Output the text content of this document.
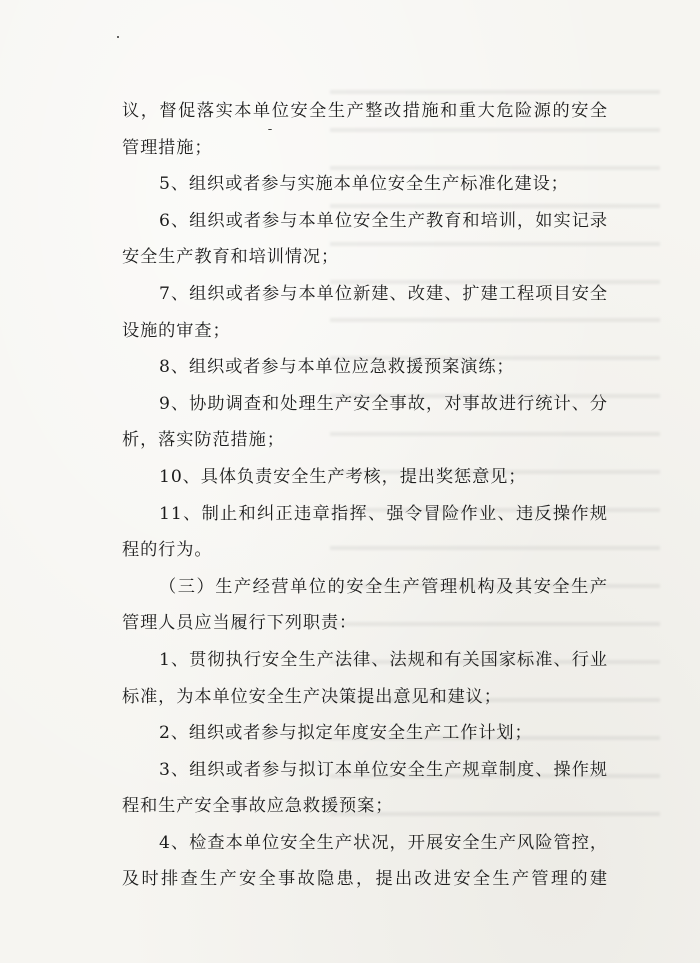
议，督促落实本单位安全生产整改措施和重大危险源的安全
管理措施；
5、组织或者参与实施本单位安全生产标准化建设；
6、组织或者参与本单位安全生产教育和培训，如实记录
安全生产教育和培训情况；
7、组织或者参与本单位新建、改建、扩建工程项目安全
设施的审查；
8、组织或者参与本单位应急救援预案演练；
9、协助调查和处理生产安全事故，对事故进行统计、分
析，落实防范措施；
10、具体负责安全生产考核，提出奖惩意见；
11、制止和纠正违章指挥、强令冒险作业、违反操作规
程的行为。
（三）生产经营单位的安全生产管理机构及其安全生产
管理人员应当履行下列职责：
1、贯彻执行安全生产法律、法规和有关国家标准、行业
标准，为本单位安全生产决策提出意见和建议；
2、组织或者参与拟定年度安全生产工作计划；
3、组织或者参与拟订本单位安全生产规章制度、操作规
程和生产安全事故应急救援预案；
4、检查本单位安全生产状况，开展安全生产风险管控，
及时排查生产安全事故隐患，提出改进安全生产管理的建
